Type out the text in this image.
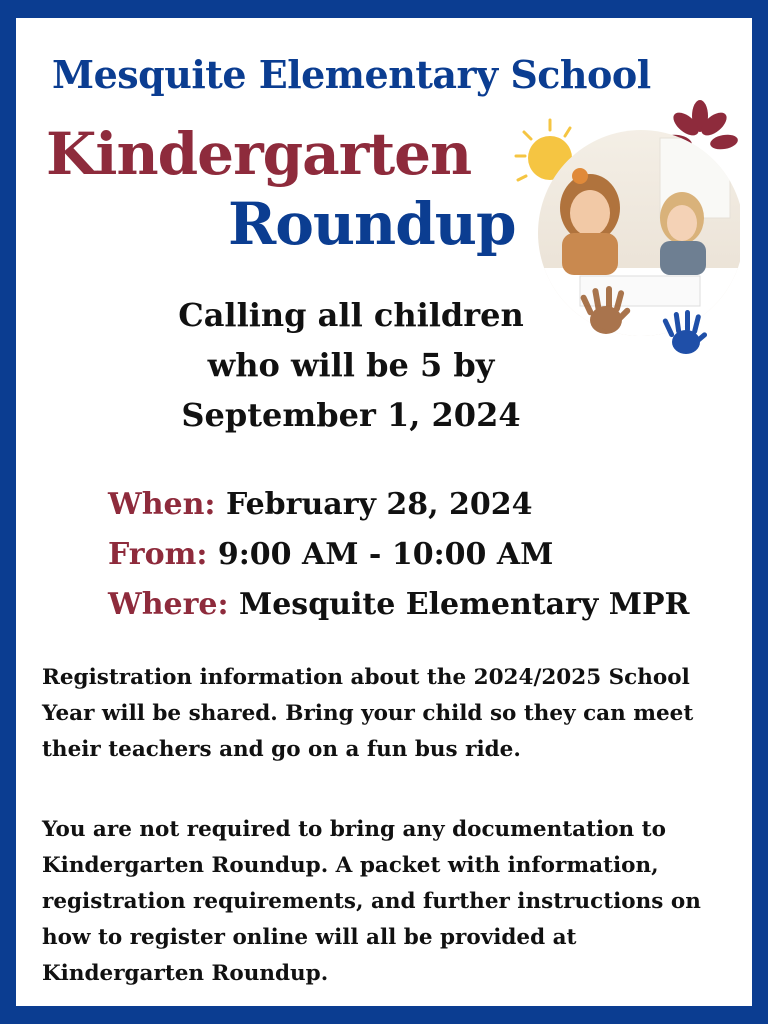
Mesquite Elementary School
Kindergarten
Roundup
Calling all children
who will be 5 by
September 1, 2024
When: February 28, 2024
From: 9:00 AM - 10:00 AM
Where: Mesquite Elementary MPR
Registration information about the 2024/2025 School Year will be shared. Bring your child so they can meet their teachers and go on a fun bus ride.
You are not required to bring any documentation to Kindergarten Roundup. A packet with information, registration requirements, and further instructions on how to register online will all be provided at Kindergarten Roundup.
